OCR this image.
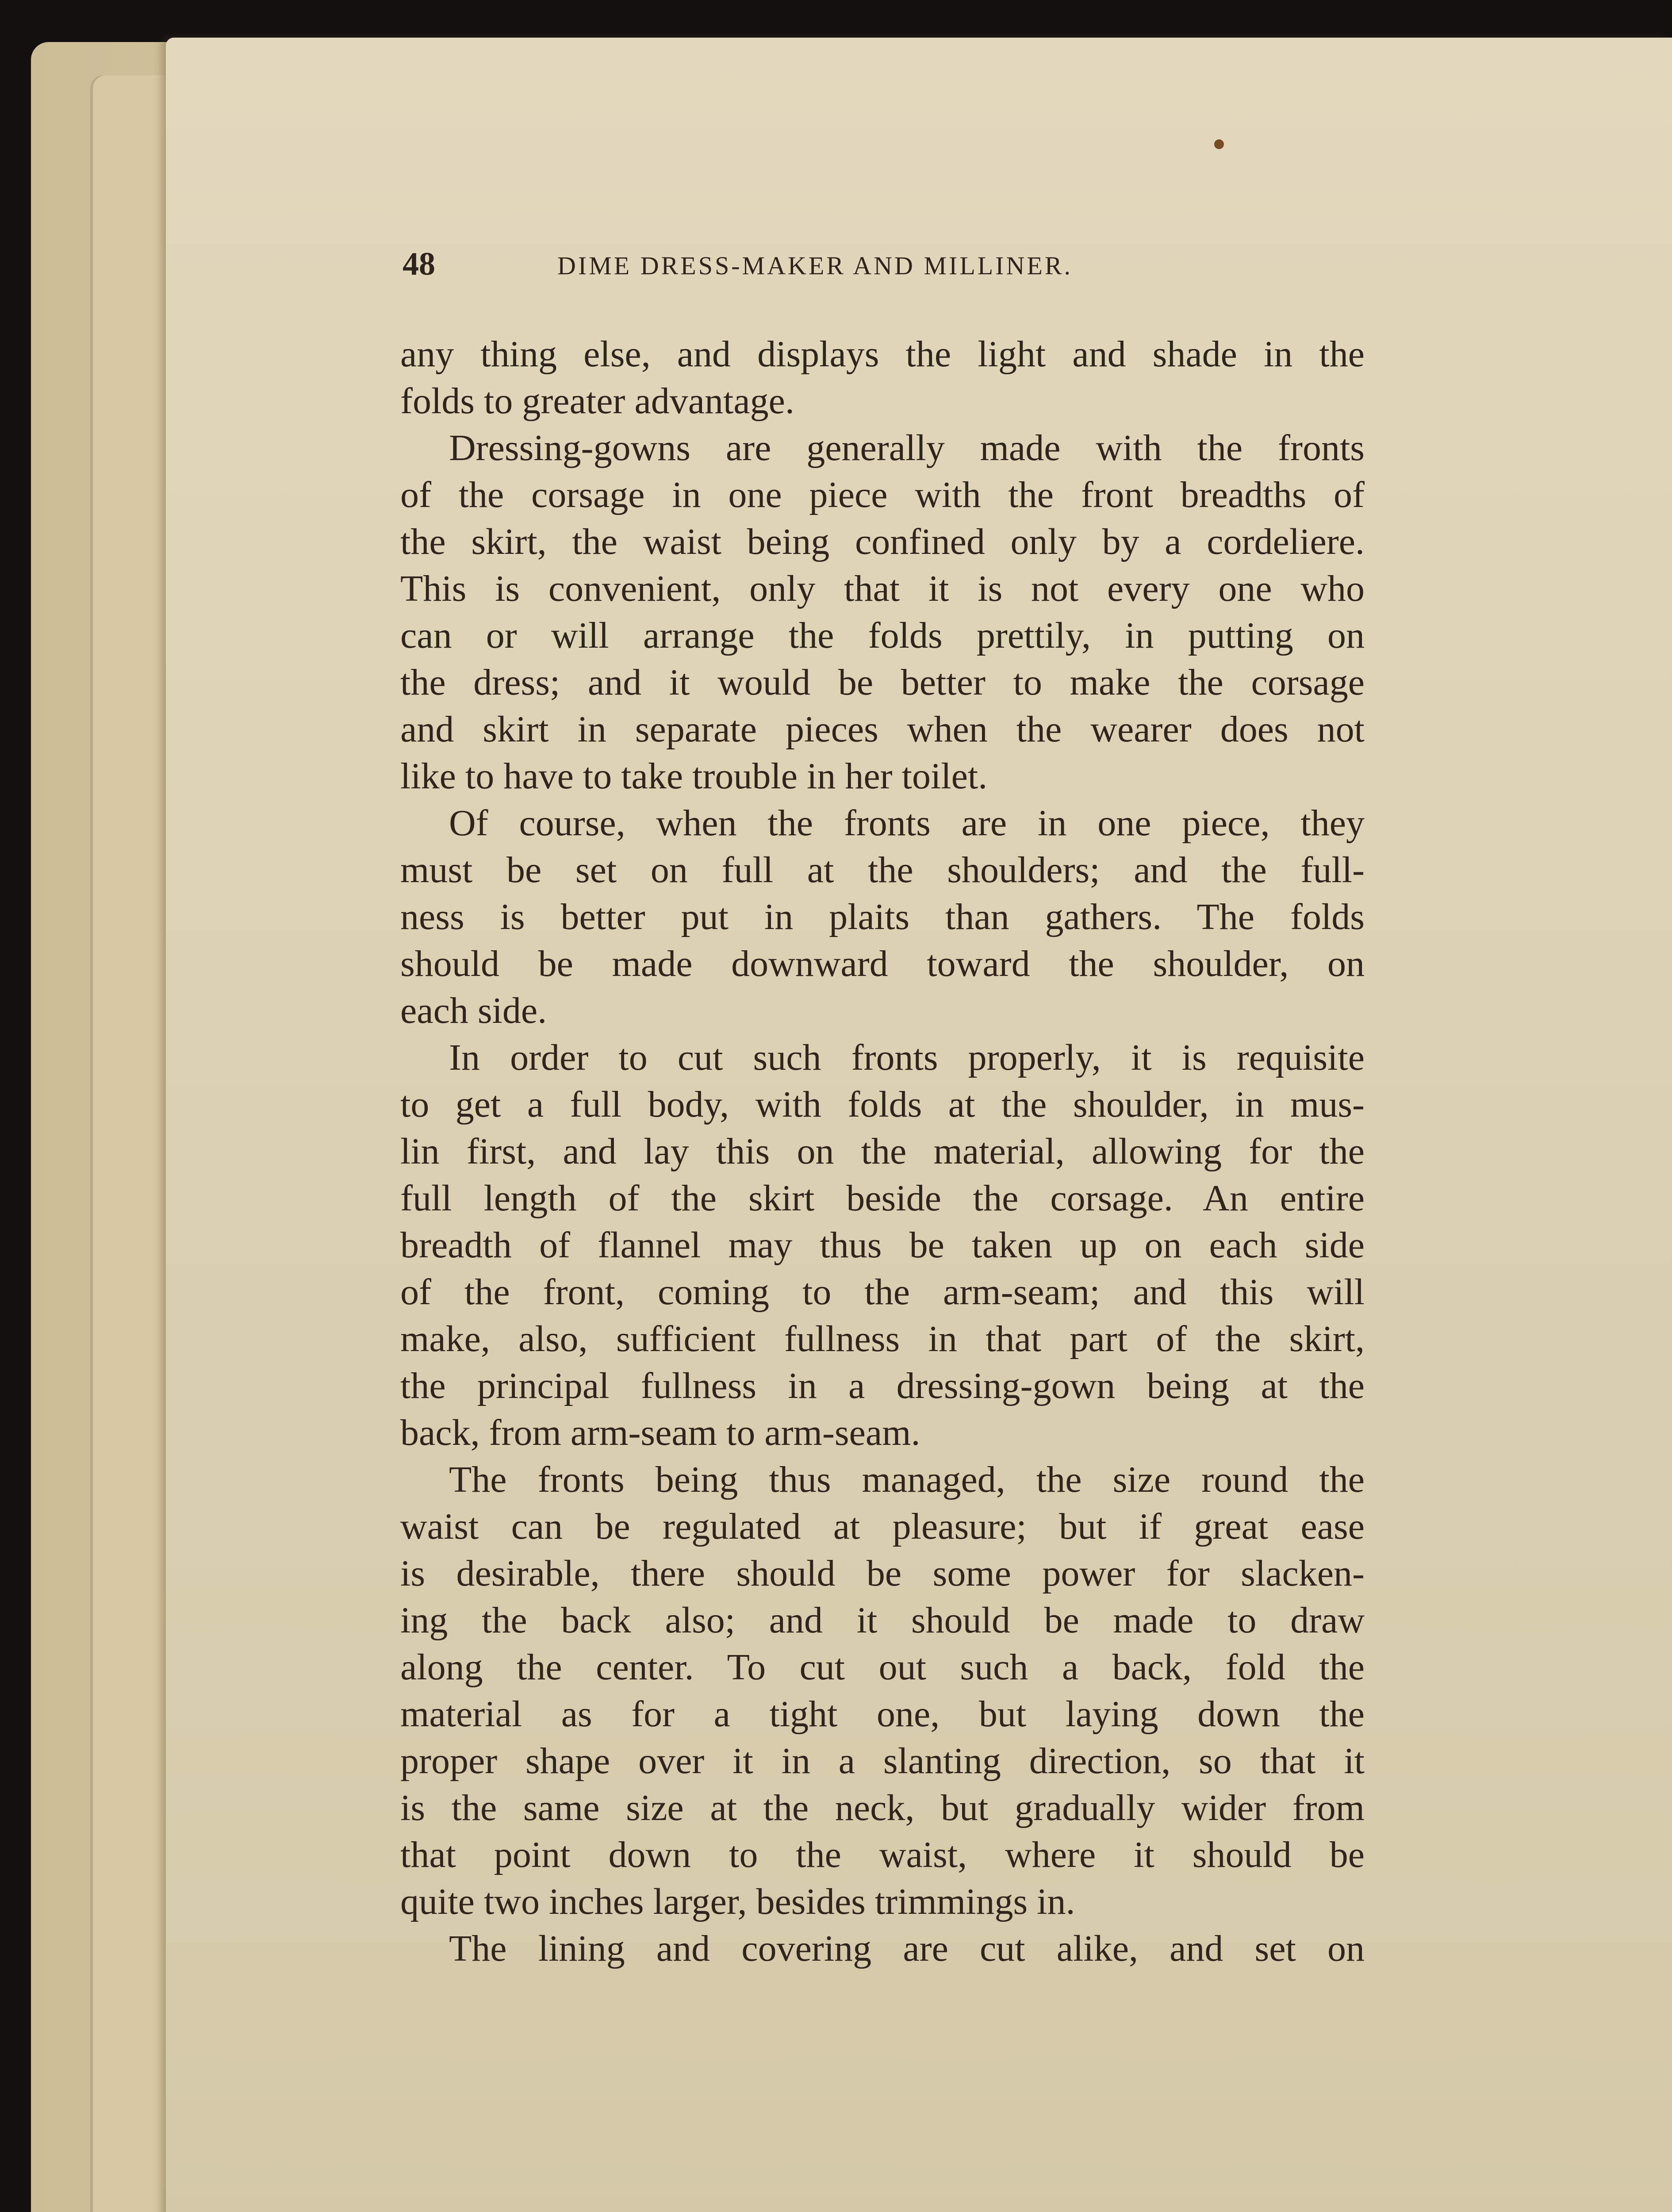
48	DIME DRESS-MAKER AND MILLINER.
any thing else, and displays the light and shade in the
folds to greater advantage.
Dressing-gowns are generally made with the fronts
of the corsage in one piece with the front breadths of
the skirt, the waist being confined only by a cordeliere.
This is convenient, only that it is not every one who
can or will arrange the folds prettily, in putting on
the dress; and it would be better to make the corsage
and skirt in separate pieces when the wearer does not
like to have to take trouble in her toilet.
Of course, when the fronts are in one piece, they
must be set on full at the shoulders; and the full-
ness is better put in plaits than gathers. The folds
should be made downward toward the shoulder, on
each side.
In order to cut such fronts properly, it is requisite
to get a full body, with folds at the shoulder, in mus-
lin first, and lay this on the material, allowing for the
full length of the skirt beside the corsage. An entire
breadth of flannel may thus be taken up on each side
of the front, coming to the arm-seam; and this will
make, also, sufficient fullness in that part of the skirt,
the principal fullness in a dressing-gown being at the
back, from arm-seam to arm-seam.
The fronts being thus managed, the size round the
waist can be regulated at pleasure; but if great ease
is desirable, there should be some power for slacken-
ing the back also; and it should be made to draw
along the center. To cut out such a back, fold the
material as for a tight one, but laying down the
proper shape over it in a slanting direction, so that it
is the same size at the neck, but gradually wider from
that point down to the waist, where it should be
quite two inches larger, besides trimmings in.
The lining and covering are cut alike, and set on
